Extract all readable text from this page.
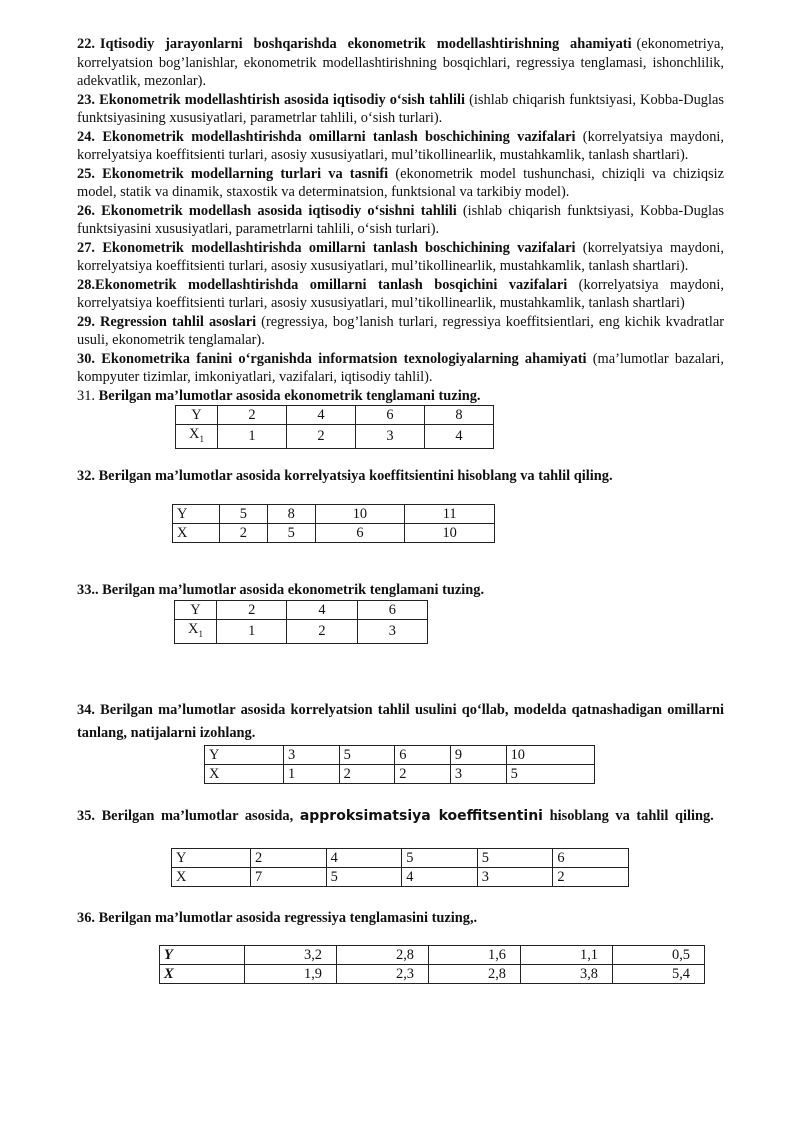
22. Iqtisodiy jarayonlarni boshqarishda ekonometrik modellashtirishning ahamiyati (ekonometriya, korrelyatsion bog’lanishlar, ekonometrik modellashtirishning bosqichlari, regressiya tenglamasi, ishonchlilik, adekvatlik, mezonlar).

23. Ekonometrik modellashtirish asosida iqtisodiy o‘sish tahlili (ishlab chiqarish funktsiyasi, Kobba-Duglas funktsiyasining xususiyatlari, parametrlar tahlili, o‘sish turlari).

24. Ekonometrik modellashtirishda omillarni tanlash boschichining vazifalari (korrelyatsiya maydoni, korrelyatsiya koeffitsienti turlari, asosiy xususiyatlari, mul’tikollinearlik, mustahkamlik, tanlash shartlari).

25. Ekonometrik modellarning turlari va tasnifi (ekonometrik model tushunchasi, chiziqli va chiziqsiz model, statik va dinamik, staxostik va determinatsion, funktsional va tarkibiy model).

26. Ekonometrik modellash asosida iqtisodiy o‘sishni tahlili (ishlab chiqarish funktsiyasi, Kobba-Duglas funktsiyasini xususiyatlari, parametrlarni tahlili, o‘sish turlari).

27. Ekonometrik modellashtirishda omillarni tanlash boschichining vazifalari (korrelyatsiya maydoni, korrelyatsiya koeffitsienti turlari, asosiy xususiyatlari, mul’tikollinearlik, mustahkamlik, tanlash shartlari).

28.Ekonometrik modellashtirishda omillarni tanlash bosqichini vazifalari (korrelyatsiya maydoni, korrelyatsiya koeffitsienti turlari, asosiy xususiyatlari, mul’tikollinearlik, mustahkamlik, tanlash shartlari)

29. Regression tahlil asoslari (regressiya, bog’lanish turlari, regressiya koeffitsientlari, eng kichik kvadratlar usuli, ekonometrik tenglamalar).

30. Ekonometrika fanini o‘rganishda informatsion texnologiyalarning ahamiyati (ma’lumotlar bazalari, kompyuter tizimlar, imkoniyatlari, vazifalari, iqtisodiy tahlil).

31. Berilgan ma’lumotlar asosida ekonometrik tenglamani tuzing.

Y	2	4	6	8
$X_1$	1	2	3	4

32. Berilgan ma’lumotlar asosida korrelyatsiya koeffitsientini hisoblang va tahlil qiling.

Y	5	8	10	11
X	2	5	6	10

33.. Berilgan ma’lumotlar asosida ekonometrik tenglamani tuzing.

Y	2	4	6
$X_1$	1	2	3

34. Berilgan ma’lumotlar asosida korrelyatsion tahlil usulini qo‘llab, modelda qatnashadigan omillarni tanlang, natijalarni izohlang.

Y	3	5	6	9	10
X	1	2	2	3	5

35. Berilgan ma’lumotlar asosida, approksimatsiya koeffitsentini hisoblang va tahlil qiling.

Y	2	4	5	5	6
X	7	5	4	3	2

36. Berilgan ma’lumotlar asosida regressiya tenglamasini tuzing,.

Y	3,2	2,8	1,6	1,1	0,5
X	1,9	2,3	2,8	3,8	5,4
